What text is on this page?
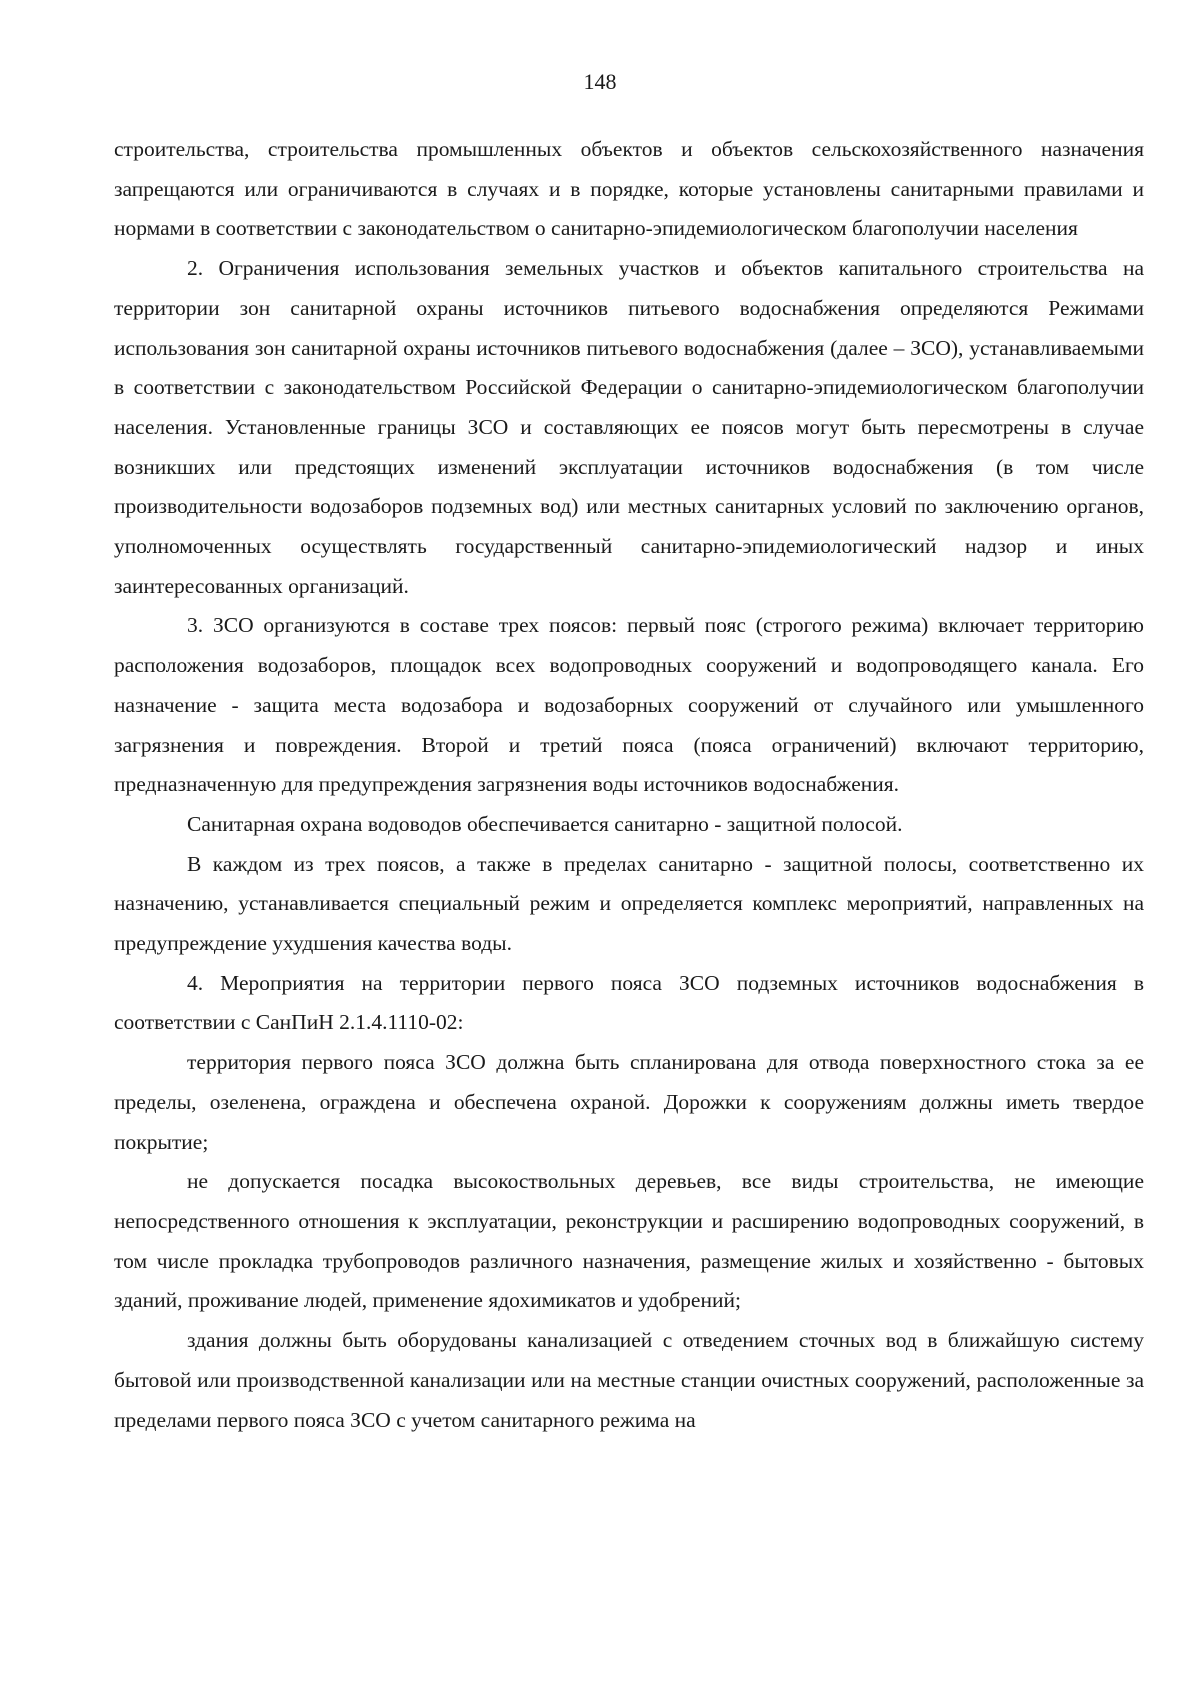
148

строительства, строительства промышленных объектов и объектов сельскохозяйственного назначения запрещаются или ограничиваются в случаях и в порядке, которые установлены санитарными правилами и нормами в соответствии с законодательством о санитарно-эпидемиологическом благополучии населения

2. Ограничения использования земельных участков и объектов капитального строительства на территории зон санитарной охраны источников питьевого водоснабжения определяются Режимами использования зон санитарной охраны источников питьевого водоснабжения (далее – ЗСО), устанавливаемыми в соответствии с законодательством Российской Федерации о санитарно-эпидемиологическом благополучии населения. Установленные границы ЗСО и составляющих ее поясов могут быть пересмотрены в случае возникших или предстоящих изменений эксплуатации источников водоснабжения (в том числе производительности водозаборов подземных вод) или местных санитарных условий по заключению органов, уполномоченных осуществлять государственный санитарно-эпидемиологический надзор и иных заинтересованных организаций.

3. ЗСО организуются в составе трех поясов: первый пояс (строгого режима) включает территорию расположения водозаборов, площадок всех водопроводных сооружений и водопроводящего канала. Его назначение - защита места водозабора и водозаборных сооружений от случайного или умышленного загрязнения и повреждения. Второй и третий пояса (пояса ограничений) включают территорию, предназначенную для предупреждения загрязнения воды источников водоснабжения.

Санитарная охрана водоводов обеспечивается санитарно - защитной полосой.

В каждом из трех поясов, а также в пределах санитарно - защитной полосы, соответственно их назначению, устанавливается специальный режим и определяется комплекс мероприятий, направленных на предупреждение ухудшения качества воды.

4. Мероприятия на территории первого пояса ЗСО подземных источников водоснабжения в соответствии с СанПиН 2.1.4.1110-02:

территория первого пояса ЗСО должна быть спланирована для отвода поверхностного стока за ее пределы, озеленена, ограждена и обеспечена охраной. Дорожки к сооружениям должны иметь твердое покрытие;

не допускается посадка высокоствольных деревьев, все виды строительства, не имеющие непосредственного отношения к эксплуатации, реконструкции и расширению водопроводных сооружений, в том числе прокладка трубопроводов различного назначения, размещение жилых и хозяйственно - бытовых зданий, проживание людей, применение ядохимикатов и удобрений;

здания должны быть оборудованы канализацией с отведением сточных вод в ближайшую систему бытовой или производственной канализации или на местные станции очистных сооружений, расположенные за пределами первого пояса ЗСО с учетом санитарного режима на
